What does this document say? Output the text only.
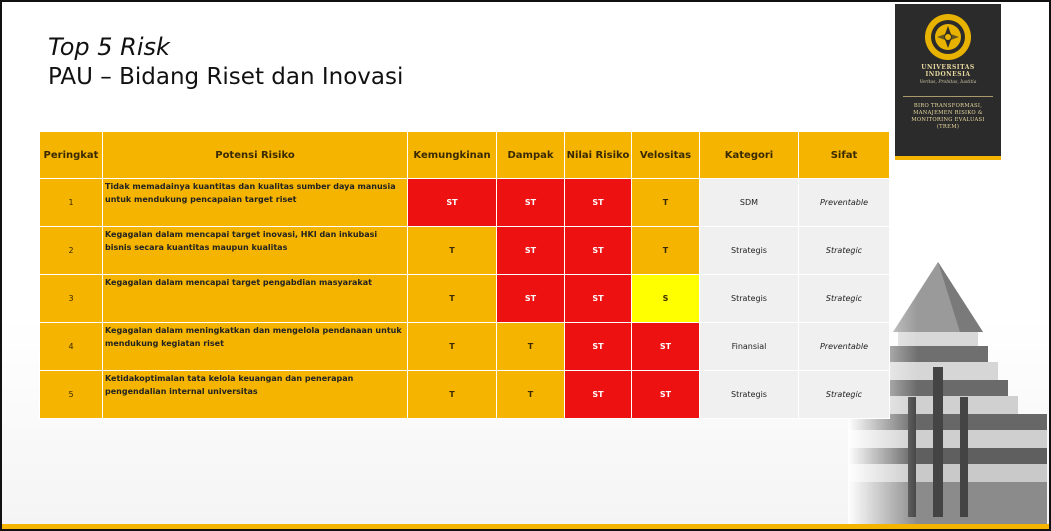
Top 5 Risk
PAU – Bidang Riset dan Inovasi	UNIVERSITAS
INDONESIA
Veritas, Probitas, Iustitia
BIRO TRANSFORMASI,
MANAJEMEN RISIKO &
MONITORING EVALUASI
(TREM)
Peringkat	Potensi Risiko	Kemungkinan	Dampak	Nilai Risiko	Velositas	Kategori	Sifat
1	Tidak memadainya kuantitas dan kualitas sumber daya manusia untuk mendukung pencapaian target riset	ST	ST	ST	T	SDM	Preventable
2	Kegagalan dalam mencapai target inovasi, HKI dan inkubasi bisnis secara kuantitas maupun kualitas	T	ST	ST	T	Strategis	Strategic
3	Kegagalan dalam mencapai target pengabdian masyarakat	T	ST	ST	S	Strategis	Strategic
4	Kegagalan dalam meningkatkan dan mengelola pendanaan untuk mendukung kegiatan riset	T	T	ST	ST	Finansial	Preventable
5	Ketidakoptimalan tata kelola keuangan dan penerapan pengendalian internal universitas	T	T	ST	ST	Strategis	Strategic
